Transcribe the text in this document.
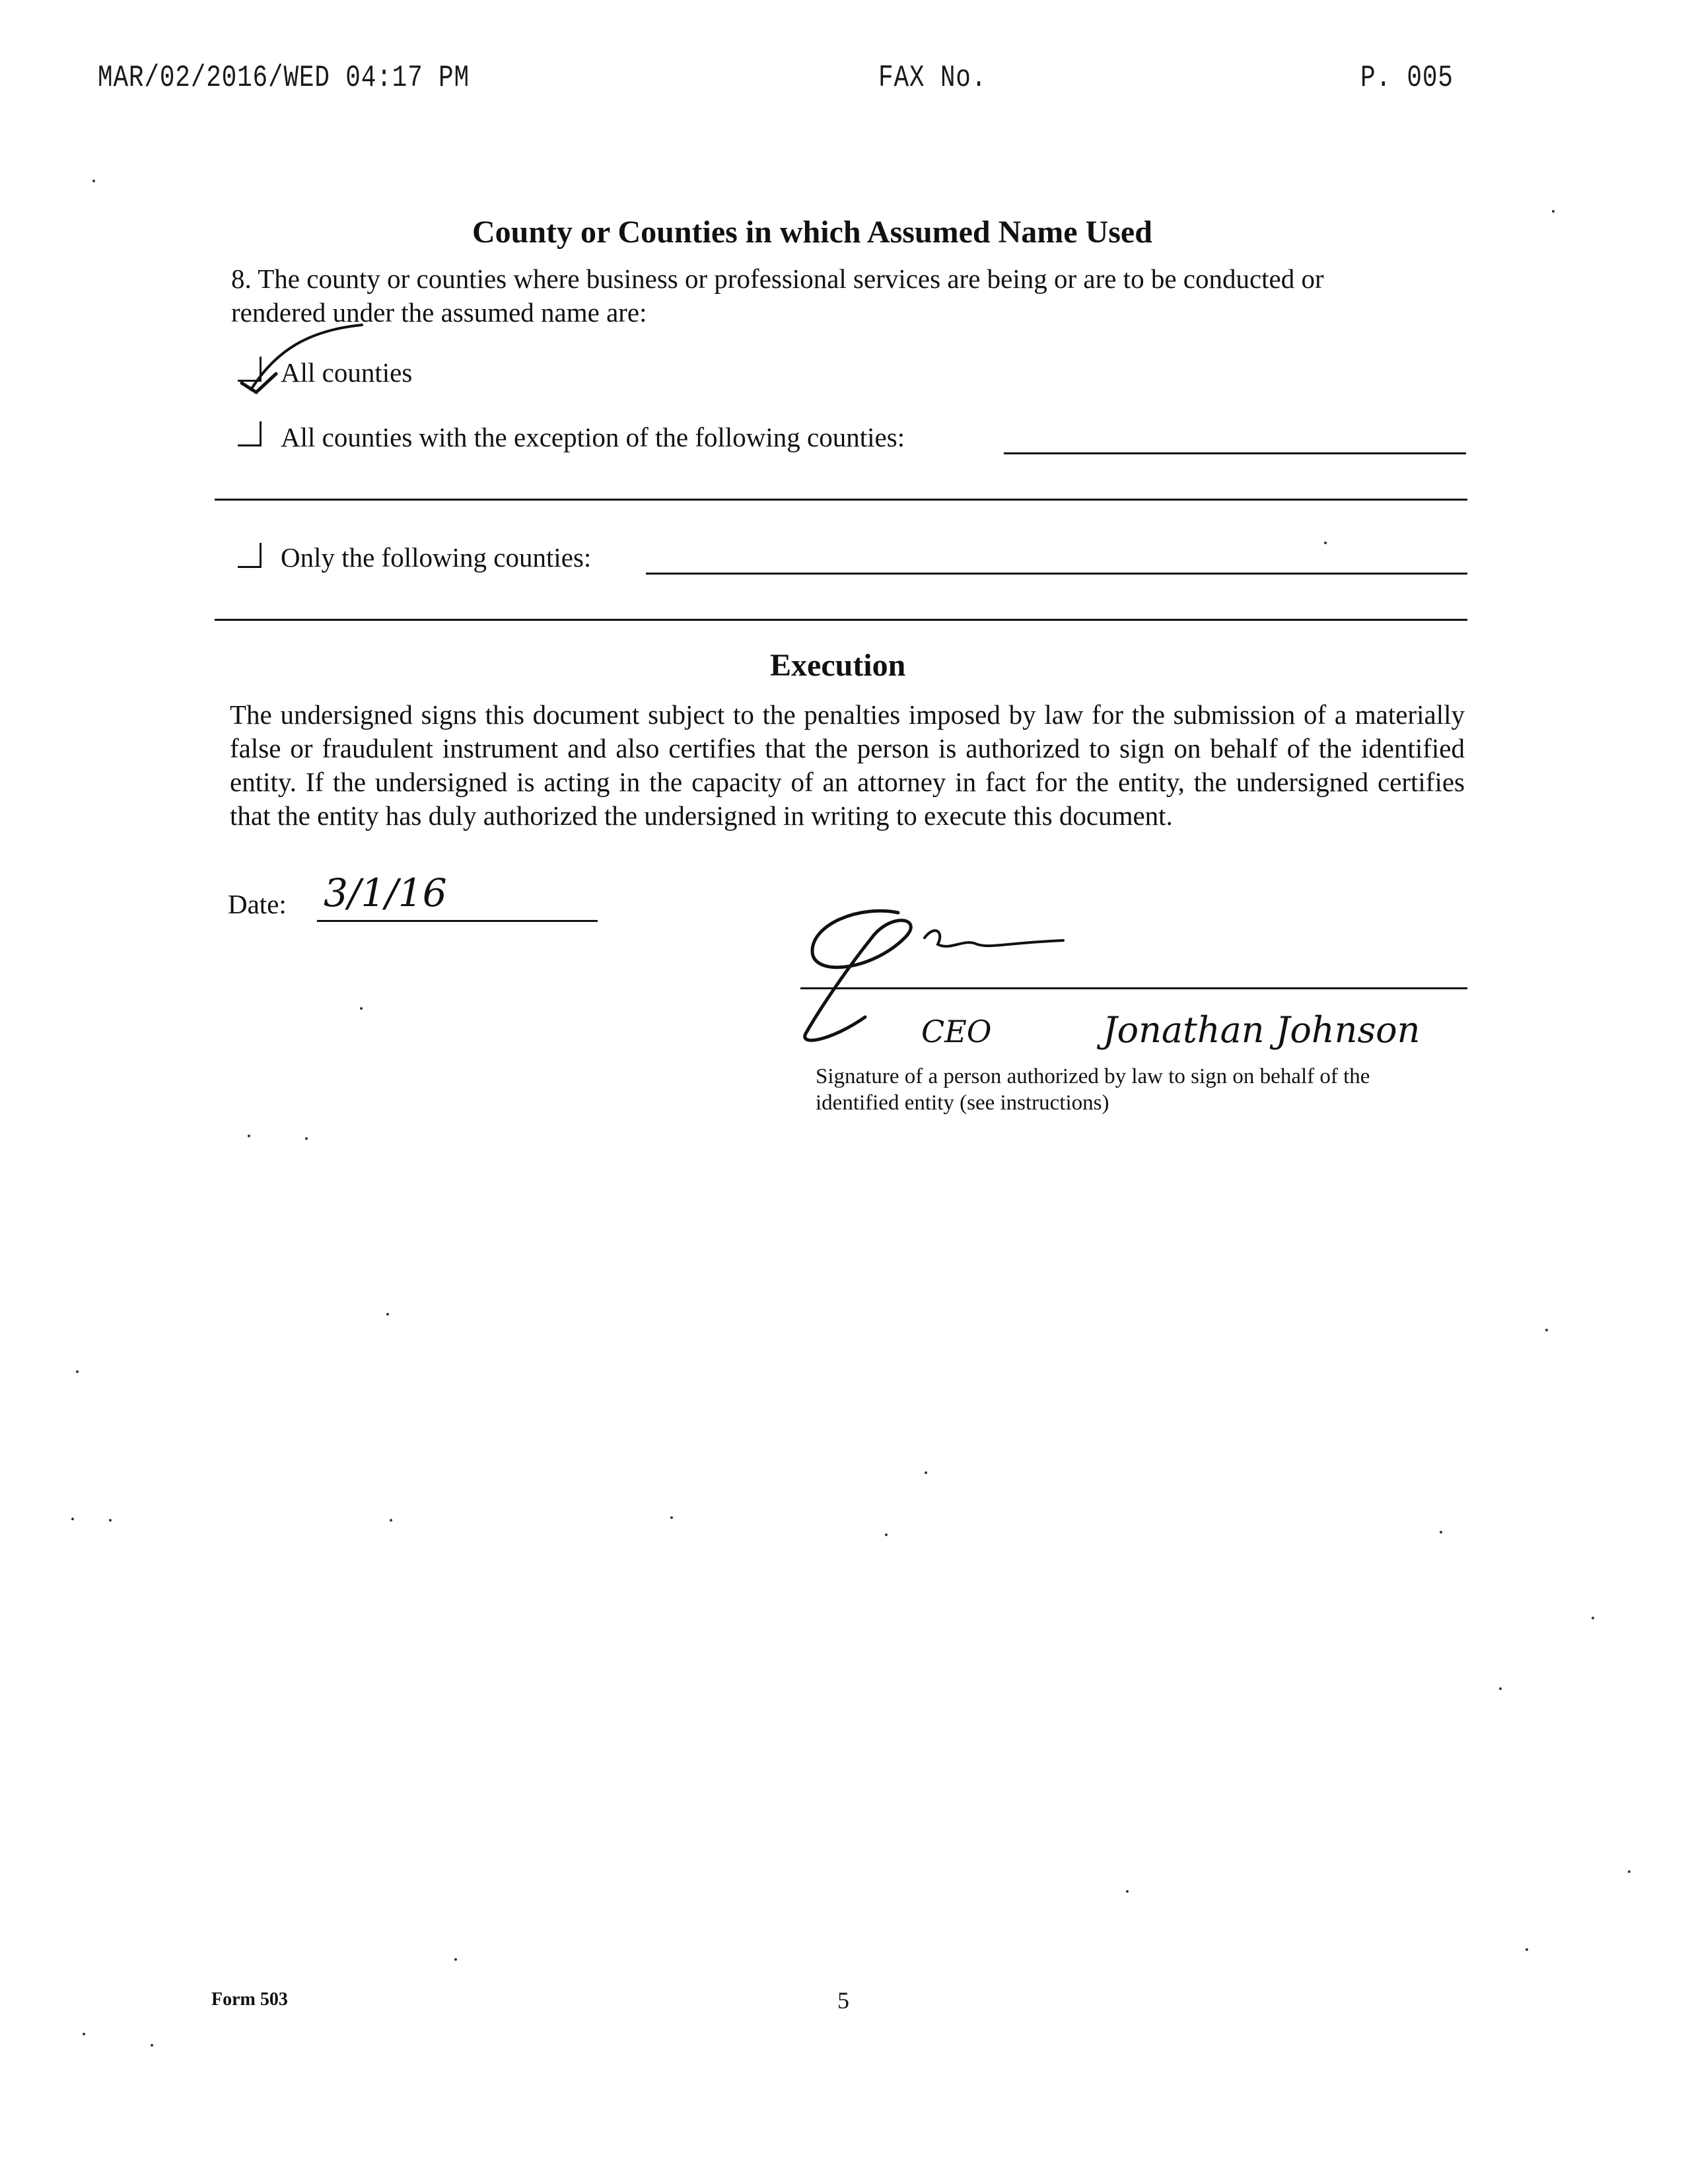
MAR/02/2016/WED 04:17 PM	FAX No.	P. 005
County or Counties in which Assumed Name Used
8. The county or counties where business or professional services are being or are to be conducted or
rendered under the assumed name are:
All counties
All counties with the exception of the following counties:
Only the following counties:
Execution
The undersigned signs this document subject to the penalties imposed by law for the submission of a materially false or fraudulent instrument and also certifies that the person is authorized to sign on behalf of the identified entity. If the undersigned is acting in the capacity of an attorney in fact for the entity, the undersigned certifies that the entity has duly authorized the undersigned in writing to execute this document.
Date: 3/1/16
CEO	Jonathan Johnson
Signature of a person authorized by law to sign on behalf of the
identified entity (see instructions)
Form 503	5
